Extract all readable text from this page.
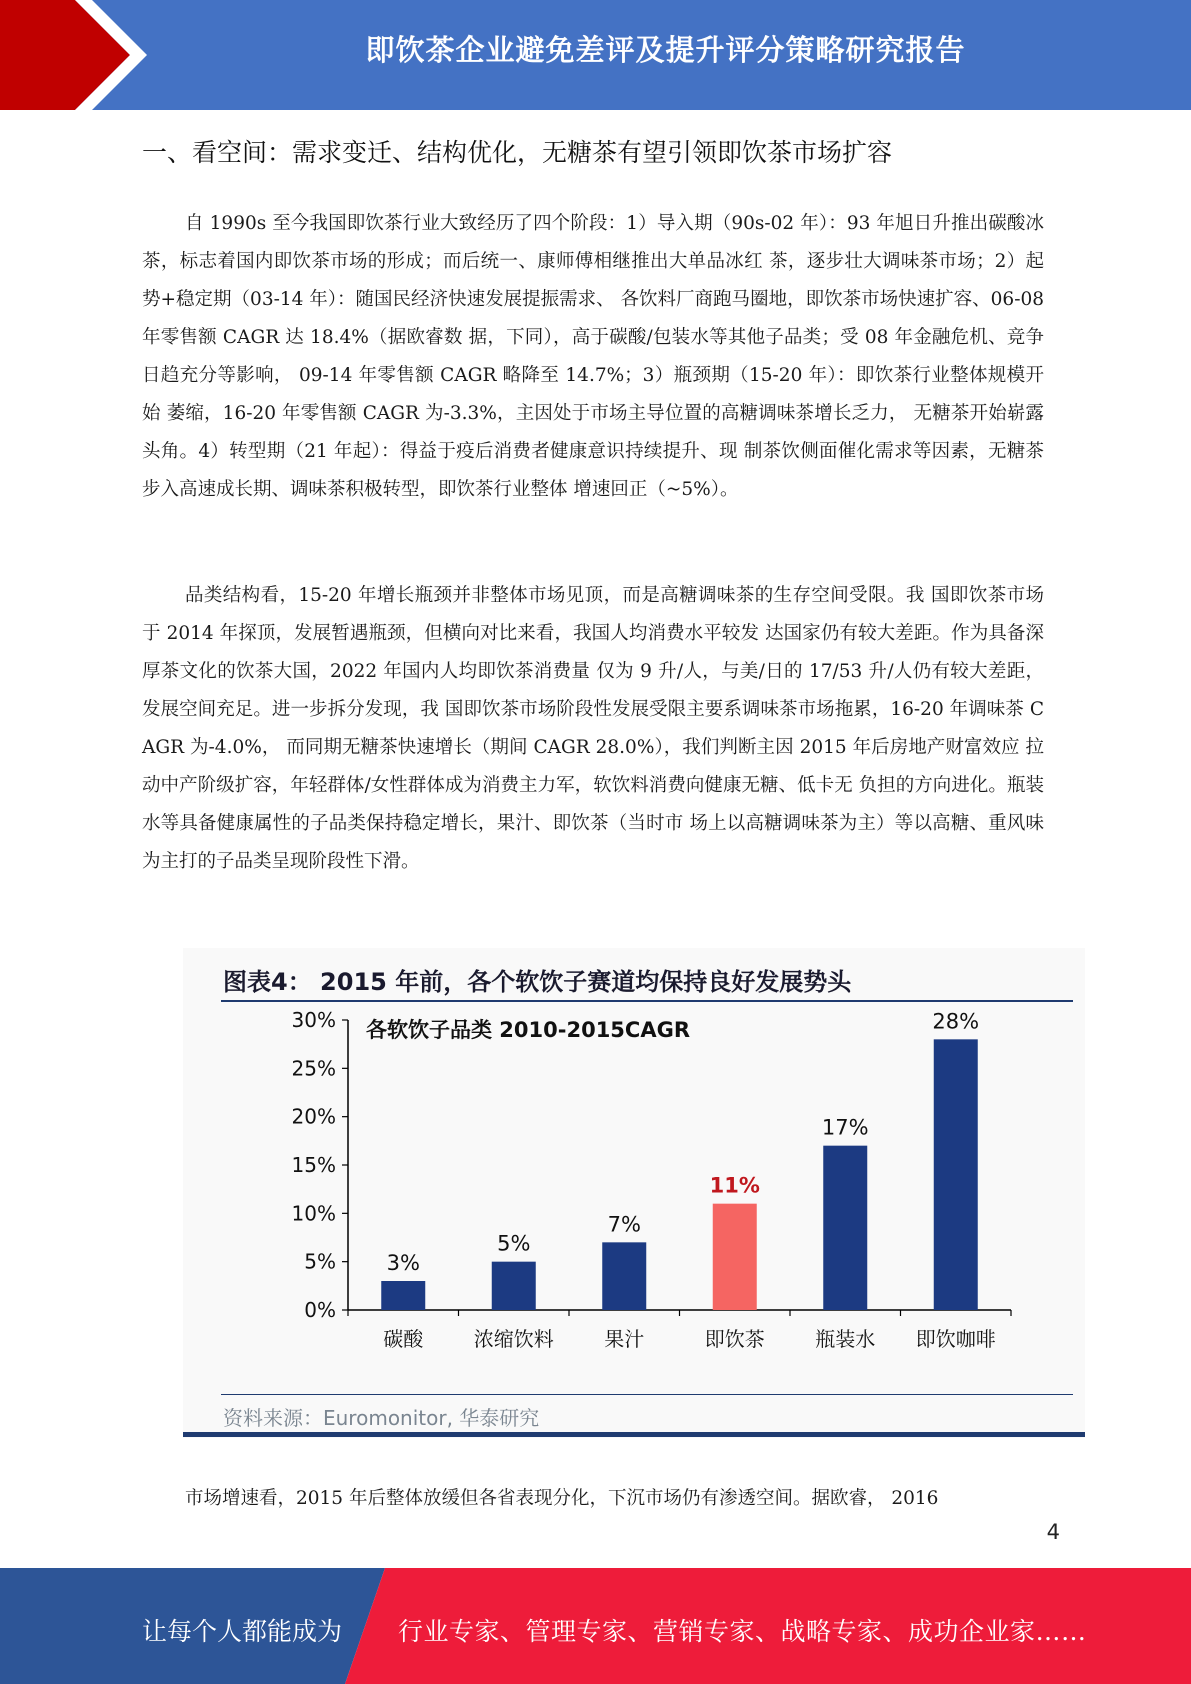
即饮茶企业避免差评及提升评分策略研究报告
一、看空间：需求变迁、结构优化，无糖茶有望引领即饮茶市场扩容

自 1990s 至今我国即饮茶行业大致经历了四个阶段：1）导入期（90s-02 年）：93 年旭日升推出碳酸冰茶，标志着国内即饮茶市场的形成；而后统一、康师傅相继推出大单品冰红 茶，逐步壮大调味茶市场；2）起势+稳定期（03-14 年）：随国民经济快速发展提振需求、 各饮料厂商跑马圈地，即饮茶市场快速扩容、06-08 年零售额 CAGR 达 18.4%（据欧睿数 据，下同），高于碳酸/包装水等其他子品类；受 08 年金融危机、竞争日趋充分等影响， 09-14 年零售额 CAGR 略降至 14.7%；3）瓶颈期（15-20 年）：即饮茶行业整体规模开始 萎缩，16-20 年零售额 CAGR 为-3.3%，主因处于市场主导位置的高糖调味茶增长乏力， 无糖茶开始崭露头角。4）转型期（21 年起）：得益于疫后消费者健康意识持续提升、现 制茶饮侧面催化需求等因素，无糖茶步入高速成长期、调味茶积极转型，即饮茶行业整体 增速回正（~5%）。

品类结构看，15-20 年增长瓶颈并非整体市场见顶，而是高糖调味茶的生存空间受限。我 国即饮茶市场于 2014 年探顶，发展暂遇瓶颈，但横向对比来看，我国人均消费水平较发 达国家仍有较大差距。作为具备深厚茶文化的饮茶大国，2022 年国内人均即饮茶消费量 仅为 9 升/人，与美/日的 17/53 升/人仍有较大差距，发展空间充足。进一步拆分发现，我 国即饮茶市场阶段性发展受限主要系调味茶市场拖累，16-20 年调味茶 CAGR 为-4.0%， 而同期无糖茶快速增长（期间 CAGR 28.0%），我们判断主因 2015 年后房地产财富效应 拉动中产阶级扩容，年轻群体/女性群体成为消费主力军，软饮料消费向健康无糖、低卡无 负担的方向进化。瓶装水等具备健康属性的子品类保持稳定增长，果汁、即饮茶（当时市 场上以高糖调味茶为主）等以高糖、重风味为主打的子品类呈现阶段性下滑。

图表4： 2015 年前，各个软饮子赛道均保持良好发展势头
0%
5%
10%
15%
20%
25%
30%
3%
碳酸
5%
浓缩饮料
7%
果汁
11%
即饮茶
17%
瓶装水
28%
即饮咖啡
各软饮子品类 2010-2015CAGR
资料来源：Euromonitor, 华泰研究

市场增速看，2015 年后整体放缓但各省表现分化，下沉市场仍有渗透空间。据欧睿， 2016

4
让每个人都能成为 行业专家、管理专家、营销专家、战略专家、成功企业家……
